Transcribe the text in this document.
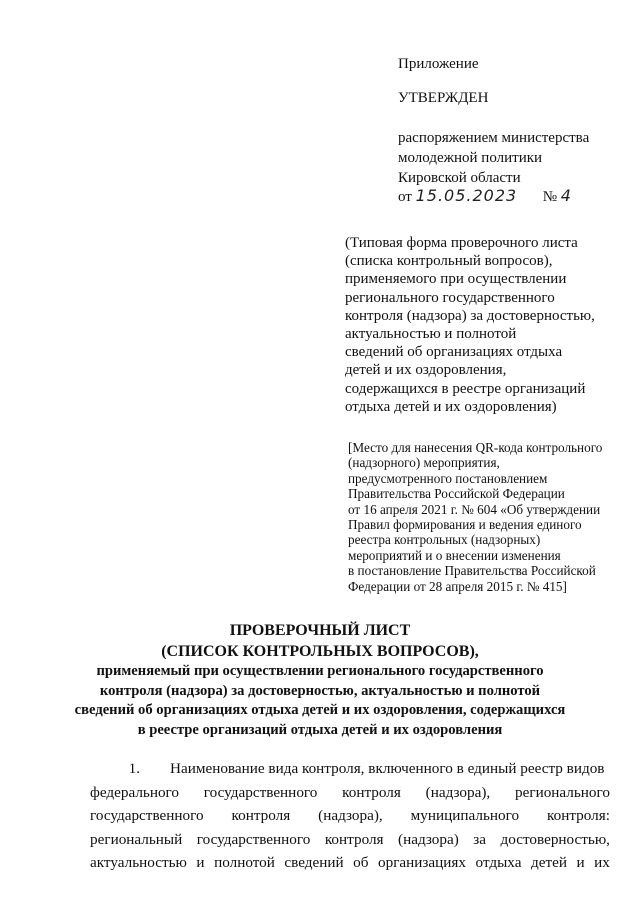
Приложение
УТВЕРЖДЕН
распоряжением министерства
молодежной политики
Кировской области
от 15.05.2023 № 4
(Типовая форма проверочного листа
(списка контрольный вопросов),
применяемого при осуществлении
регионального государственного
контроля (надзора) за достоверностью,
актуальностью и полнотой
сведений об организациях отдыха
детей и их оздоровления,
содержащихся в реестре организаций
отдыха детей и их оздоровления)
[Место для нанесения QR-кода контрольного
(надзорного) мероприятия,
предусмотренного постановлением
Правительства Российской Федерации
от 16 апреля 2021 г. № 604 «Об утверждении
Правил формирования и ведения единого
реестра контрольных (надзорных)
мероприятий и о внесении изменения
в постановление Правительства Российской
Федерации от 28 апреля 2015 г. № 415]
ПРОВЕРОЧНЫЙ ЛИСТ
(СПИСОК КОНТРОЛЬНЫХ ВОПРОСОВ),
применяемый при осуществлении регионального государственного
контроля (надзора) за достоверностью, актуальностью и полнотой
сведений об организациях отдыха детей и их оздоровления, содержащихся
в реестре организаций отдыха детей и их оздоровления
1.	Наименование вида контроля, включенного в единый реестр видов
федерального государственного контроля (надзора), регионального
государственного контроля (надзора), муниципального контроля:
региональный государственного контроля (надзора) за достоверностью,
актуальностью и полнотой сведений об организациях отдыха детей и их
